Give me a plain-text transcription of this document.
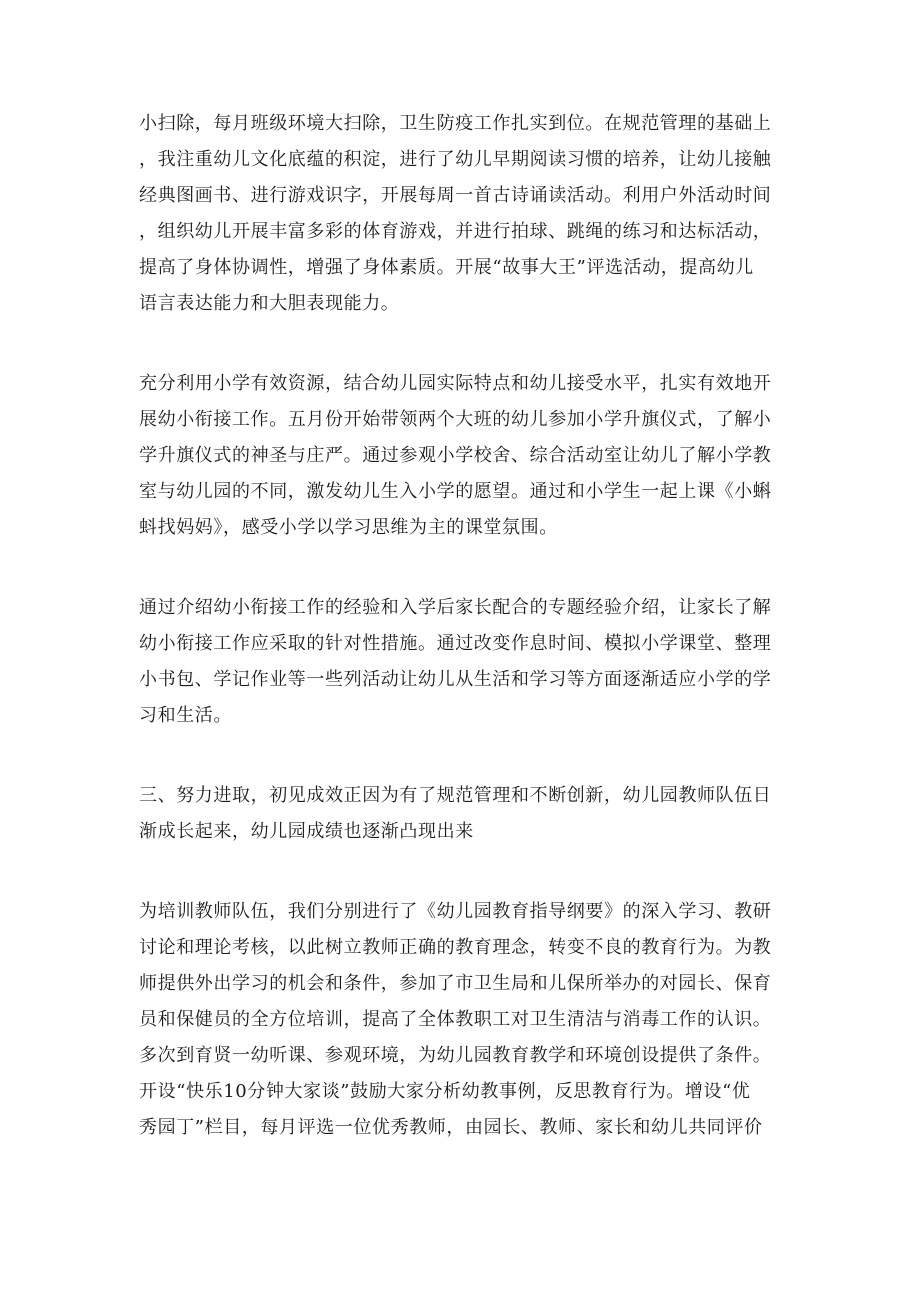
小扫除，每月班级环境大扫除，卫生防疫工作扎实到位。在规范管理的基础上
，我注重幼儿文化底蕴的积淀，进行了幼儿早期阅读习惯的培养，让幼儿接触
经典图画书、进行游戏识字，开展每周一首古诗诵读活动。利用户外活动时间
，组织幼儿开展丰富多彩的体育游戏，并进行拍球、跳绳的练习和达标活动，
提高了身体协调性，增强了身体素质。开展“故事大王”评选活动，提高幼儿
语言表达能力和大胆表现能力。
充分利用小学有效资源，结合幼儿园实际特点和幼儿接受水平，扎实有效地开
展幼小衔接工作。五月份开始带领两个大班的幼儿参加小学升旗仪式，了解小
学升旗仪式的神圣与庄严。通过参观小学校舍、综合活动室让幼儿了解小学教
室与幼儿园的不同，激发幼儿生入小学的愿望。通过和小学生一起上课《小蝌
蚪找妈妈》，感受小学以学习思维为主的课堂氛围。
通过介绍幼小衔接工作的经验和入学后家长配合的专题经验介绍，让家长了解
幼小衔接工作应采取的针对性措施。通过改变作息时间、模拟小学课堂、整理
小书包、学记作业等一些列活动让幼儿从生活和学习等方面逐渐适应小学的学
习和生活。
三、努力进取，初见成效正因为有了规范管理和不断创新，幼儿园教师队伍日
渐成长起来，幼儿园成绩也逐渐凸现出来
为培训教师队伍，我们分别进行了《幼儿园教育指导纲要》的深入学习、教研
讨论和理论考核，以此树立教师正确的教育理念，转变不良的教育行为。为教
师提供外出学习的机会和条件，参加了市卫生局和儿保所举办的对园长、保育
员和保健员的全方位培训，提高了全体教职工对卫生清洁与消毒工作的认识。
多次到育贤一幼听课、参观环境，为幼儿园教育教学和环境创设提供了条件。
开设“快乐10分钟大家谈”鼓励大家分析幼教事例，反思教育行为。增设“优
秀园丁”栏目，每月评选一位优秀教师，由园长、教师、家长和幼儿共同评价
